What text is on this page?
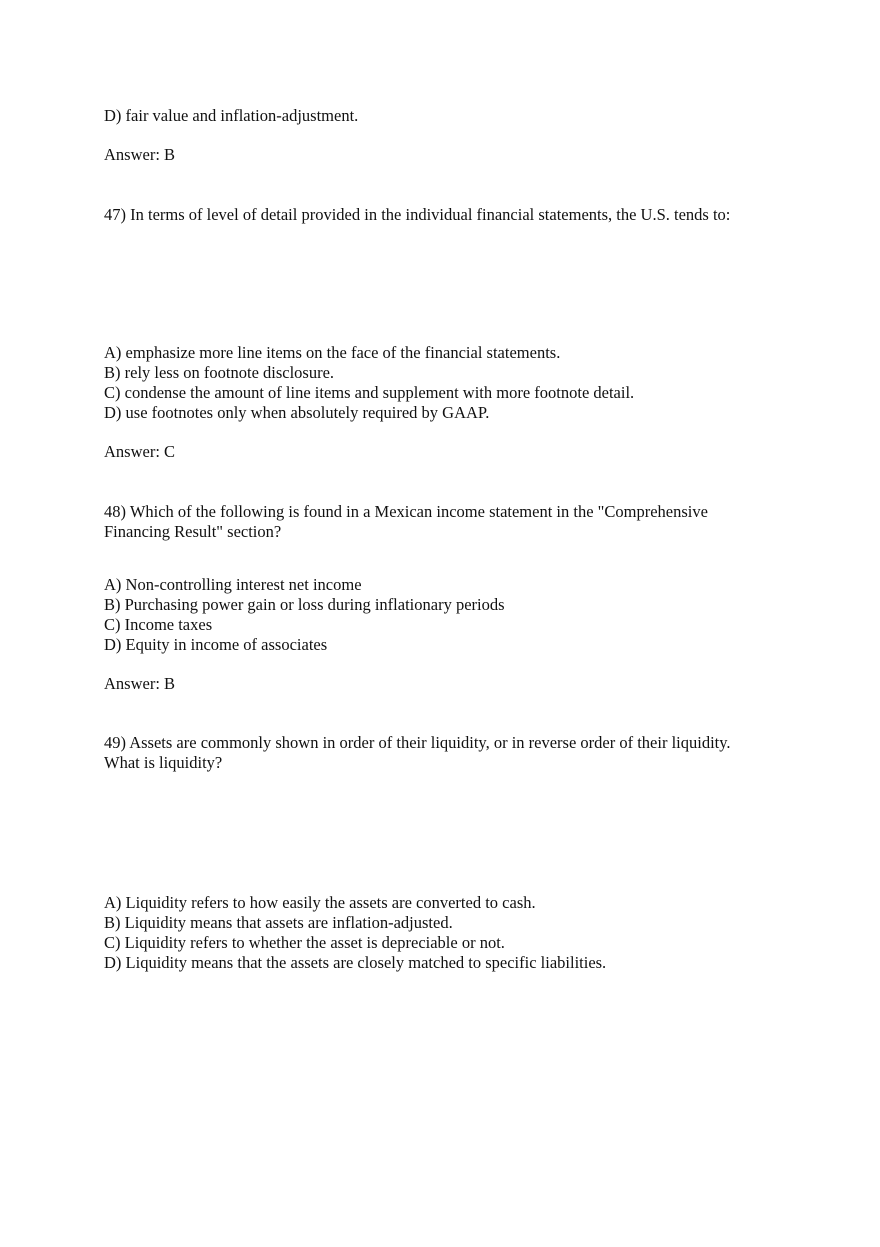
D) fair value and inflation-adjustment.
Answer: B
47) In terms of level of detail provided in the individual financial statements, the U.S. tends to:
A) emphasize more line items on the face of the financial statements.
B) rely less on footnote disclosure.
C) condense the amount of line items and supplement with more footnote detail.
D) use footnotes only when absolutely required by GAAP.
Answer: C
48) Which of the following is found in a Mexican income statement in the "Comprehensive
Financing Result" section?
A) Non-controlling interest net income
B) Purchasing power gain or loss during inflationary periods
C) Income taxes
D) Equity in income of associates
Answer: B
49) Assets are commonly shown in order of their liquidity, or in reverse order of their liquidity.
What is liquidity?
A) Liquidity refers to how easily the assets are converted to cash.
B) Liquidity means that assets are inflation-adjusted.
C) Liquidity refers to whether the asset is depreciable or not.
D) Liquidity means that the assets are closely matched to specific liabilities.
